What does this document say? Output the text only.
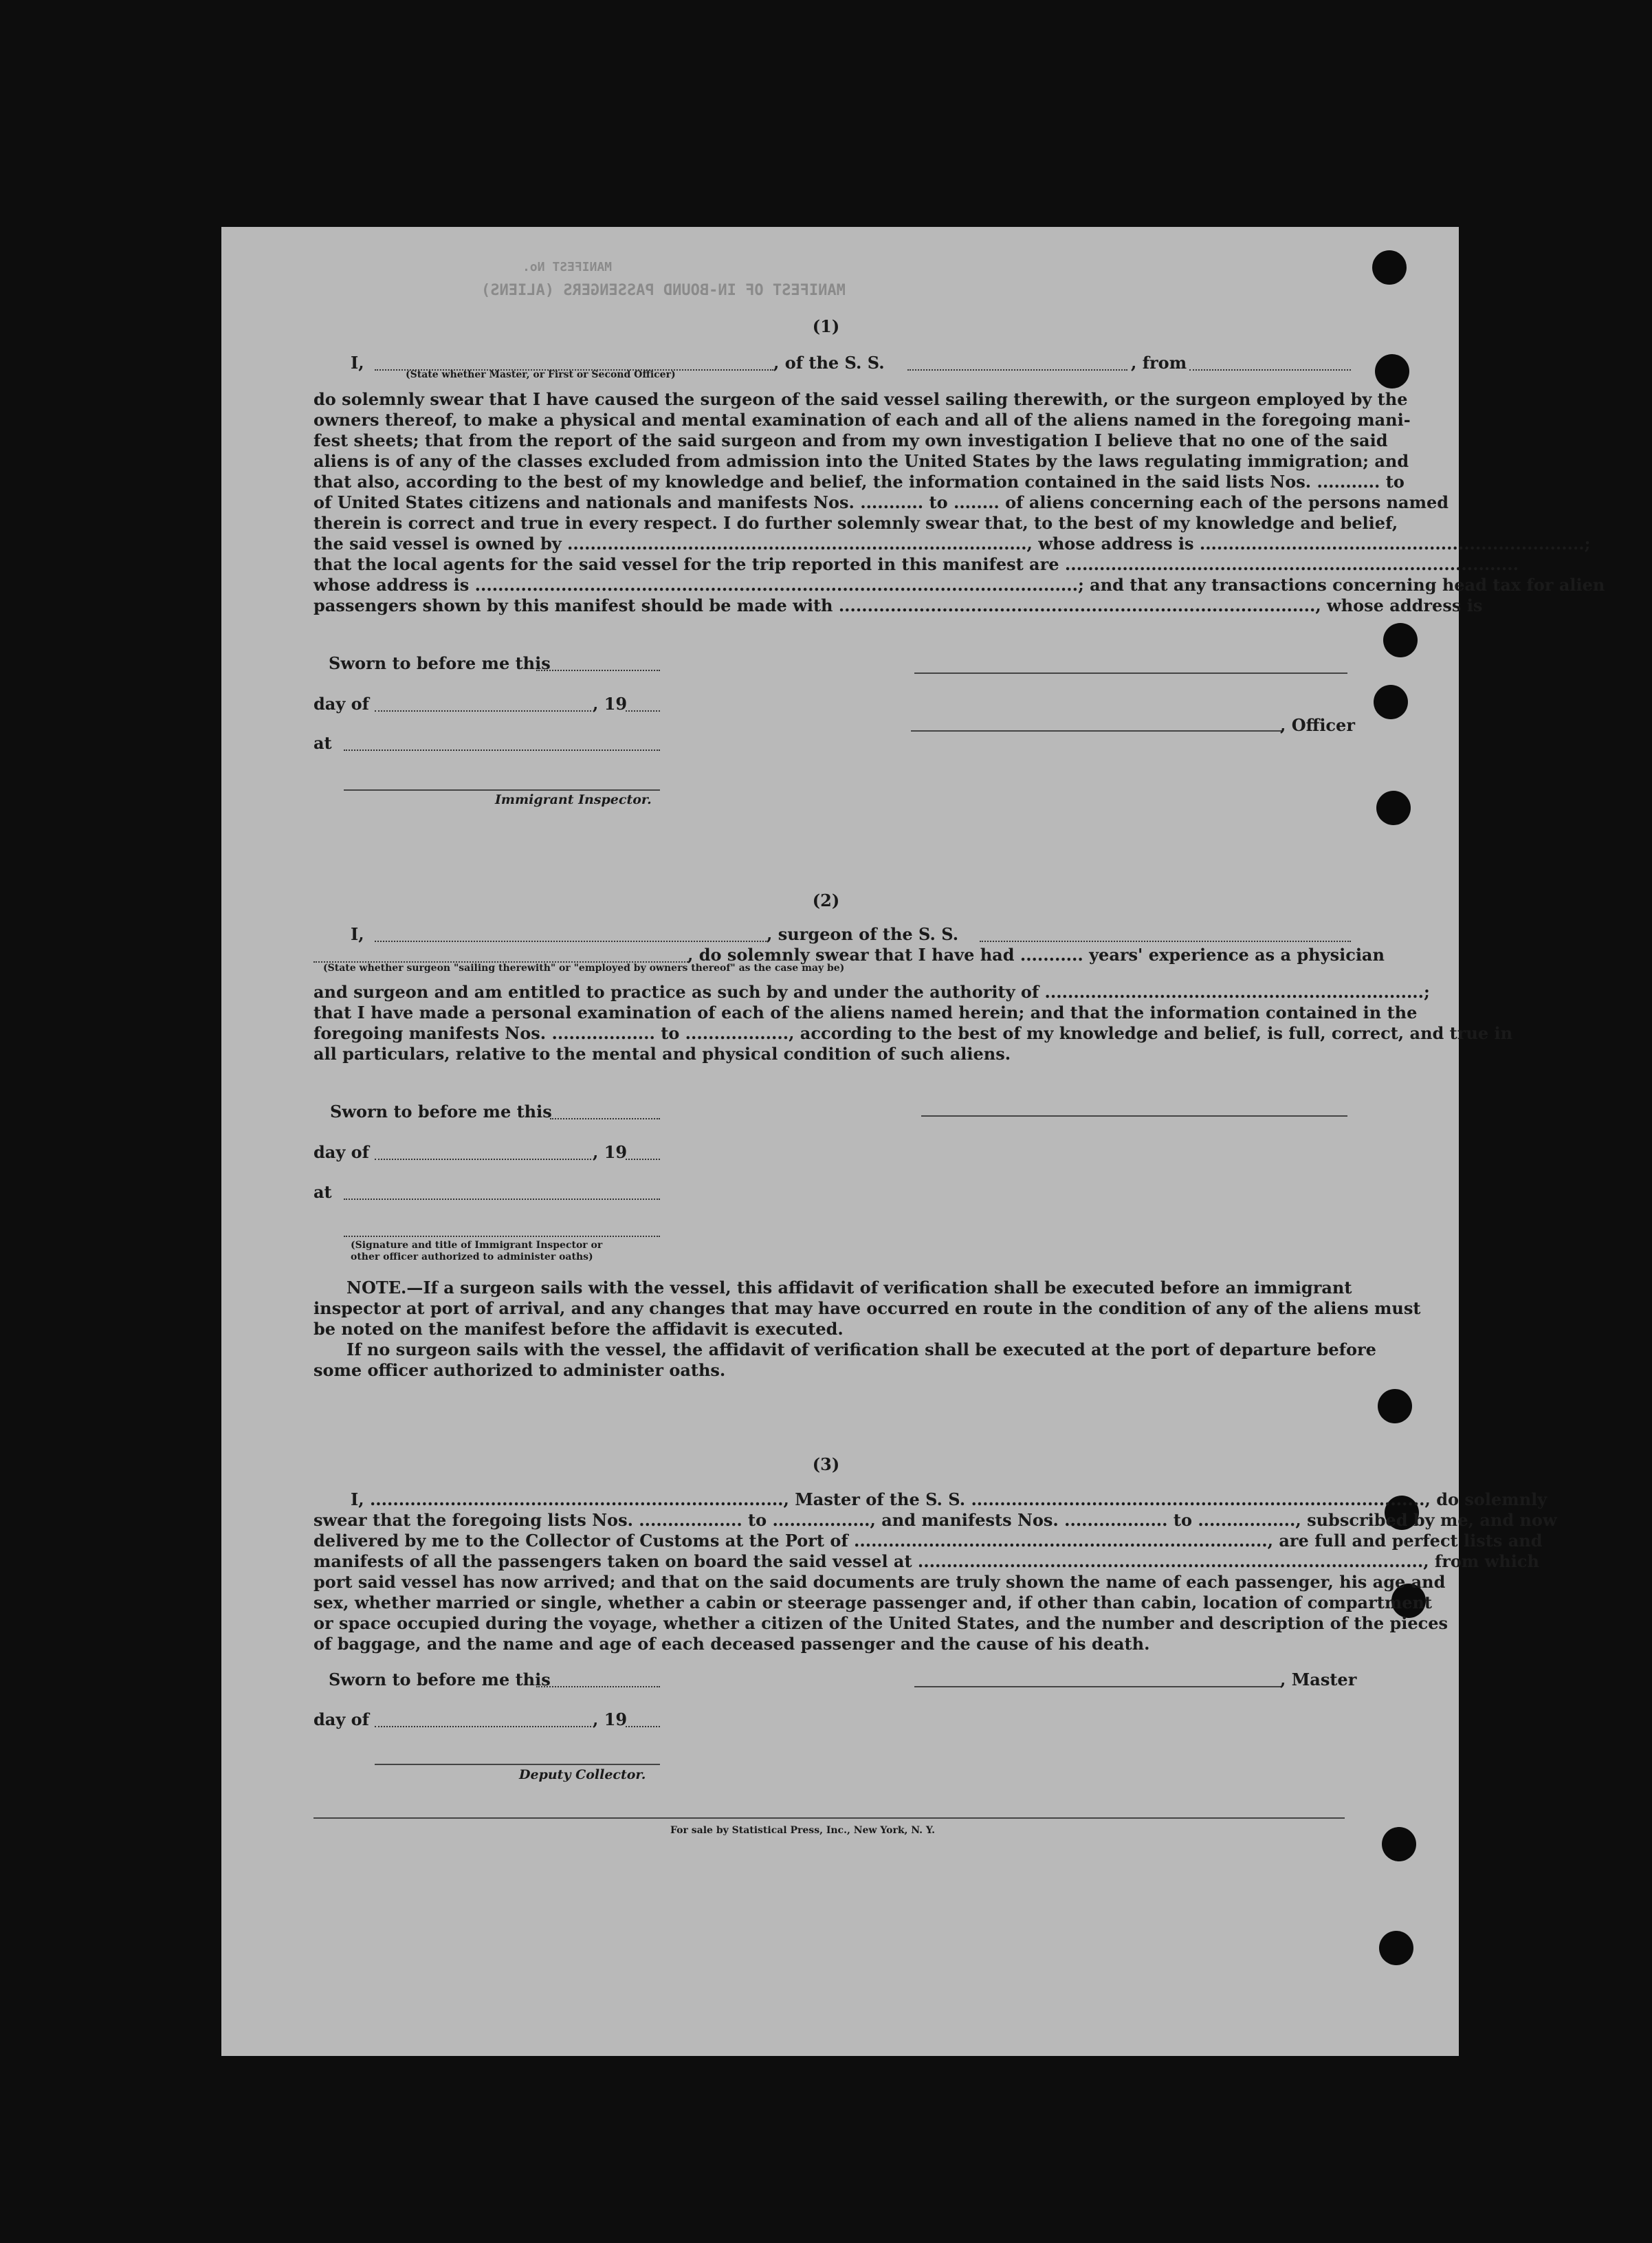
MANIFEST OF IN-BOUND PASSENGERS (ALIENS)
MANIFEST No.
(1)
I,	, of the S. S.	, from
(State whether Master, or First or Second Officer)
do solemnly swear that I have caused the surgeon of the said vessel sailing therewith, or the surgeon employed by the
owners thereof, to make a physical and mental examination of each and all of the aliens named in the foregoing mani-
fest sheets; that from the report of the said surgeon and from my own investigation I believe that no one of the said
aliens is of any of the classes excluded from admission into the United States by the laws regulating immigration; and
that also, according to the best of my knowledge and belief, the information contained in the said lists Nos. ........... to
of United States citizens and nationals and manifests Nos. ........... to ........ of aliens concerning each of the persons named
therein is correct and true in every respect. I do further solemnly swear that, to the best of my knowledge and belief,
the said vessel is owned by ................................................................................, whose address is ...................................................................;
that the local agents for the said vessel for the trip reported in this manifest are ...............................................................................
whose address is .........................................................................................................; and that any transactions concerning head tax for alien
passengers shown by this manifest should be made with ..................................................................................., whose address is
Sworn to before me this
day of	, 19
, Officer
at
Immigrant Inspector.
(2)
I,	, surgeon of the S. S.
, do solemnly swear that I have had ........... years' experience as a physician
(State whether surgeon "sailing therewith" or "employed by owners thereof" as the case may be)
and surgeon and am entitled to practice as such by and under the authority of ..................................................................;
that I have made a personal examination of each of the aliens named herein; and that the information contained in the
foregoing manifests Nos. .................. to .................., according to the best of my knowledge and belief, is full, correct, and true in
all particulars, relative to the mental and physical condition of such aliens.
Sworn to before me this
day of	, 19
at
(Signature and title of Immigrant Inspector or
other officer authorized to administer oaths)
NOTE.—If a surgeon sails with the vessel, this affidavit of verification shall be executed before an immigrant
inspector at port of arrival, and any changes that may have occurred en route in the condition of any of the aliens must
be noted on the manifest before the affidavit is executed.
If no surgeon sails with the vessel, the affidavit of verification shall be executed at the port of departure before
some officer authorized to administer oaths.
(3)
I, ........................................................................, Master of the S. S. ..............................................................................., do solemnly
swear that the foregoing lists Nos. .................. to ................., and manifests Nos. .................. to ................., subscribed by me, and now
delivered by me to the Collector of Customs at the Port of ........................................................................, are full and perfect lists and
manifests of all the passengers taken on board the said vessel at ........................................................................................, from which
port said vessel has now arrived; and that on the said documents are truly shown the name of each passenger, his age and
sex, whether married or single, whether a cabin or steerage passenger and, if other than cabin, location of compartment
or space occupied during the voyage, whether a citizen of the United States, and the number and description of the pieces
of baggage, and the name and age of each deceased passenger and the cause of his death.
Sworn to before me this	, Master
day of	, 19
Deputy Collector.
For sale by Statistical Press, Inc., New York, N. Y.
